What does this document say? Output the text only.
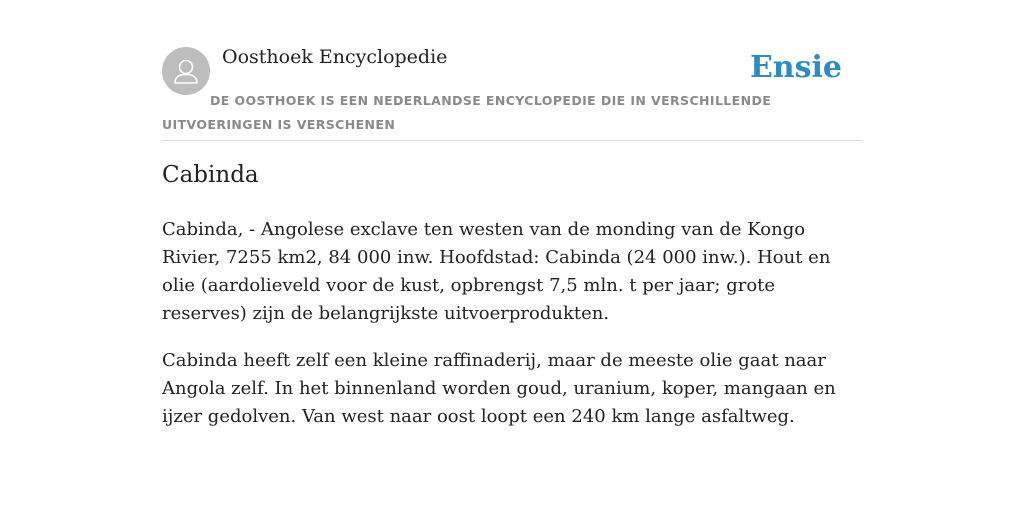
Oosthoek Encyclopedie	Ensie

DE OOSTHOEK IS EEN NEDERLANDSE ENCYCLOPEDIE DIE IN VERSCHILLENDE UITVOERINGEN IS VERSCHENEN

Cabinda

Cabinda, - Angolese exclave ten westen van de monding van de Kongo Rivier, 7255 km2, 84 000 inw. Hoofdstad: Cabinda (24 000 inw.). Hout en olie (aardolieveld voor de kust, opbrengst 7,5 mln. t per jaar; grote reserves) zijn de belangrijkste uitvoerprodukten.

Cabinda heeft zelf een kleine raffinaderij, maar de meeste olie gaat naar Angola zelf. In het binnenland worden goud, uranium, koper, mangaan en ijzer gedolven. Van west naar oost loopt een 240 km lange asfaltweg.
